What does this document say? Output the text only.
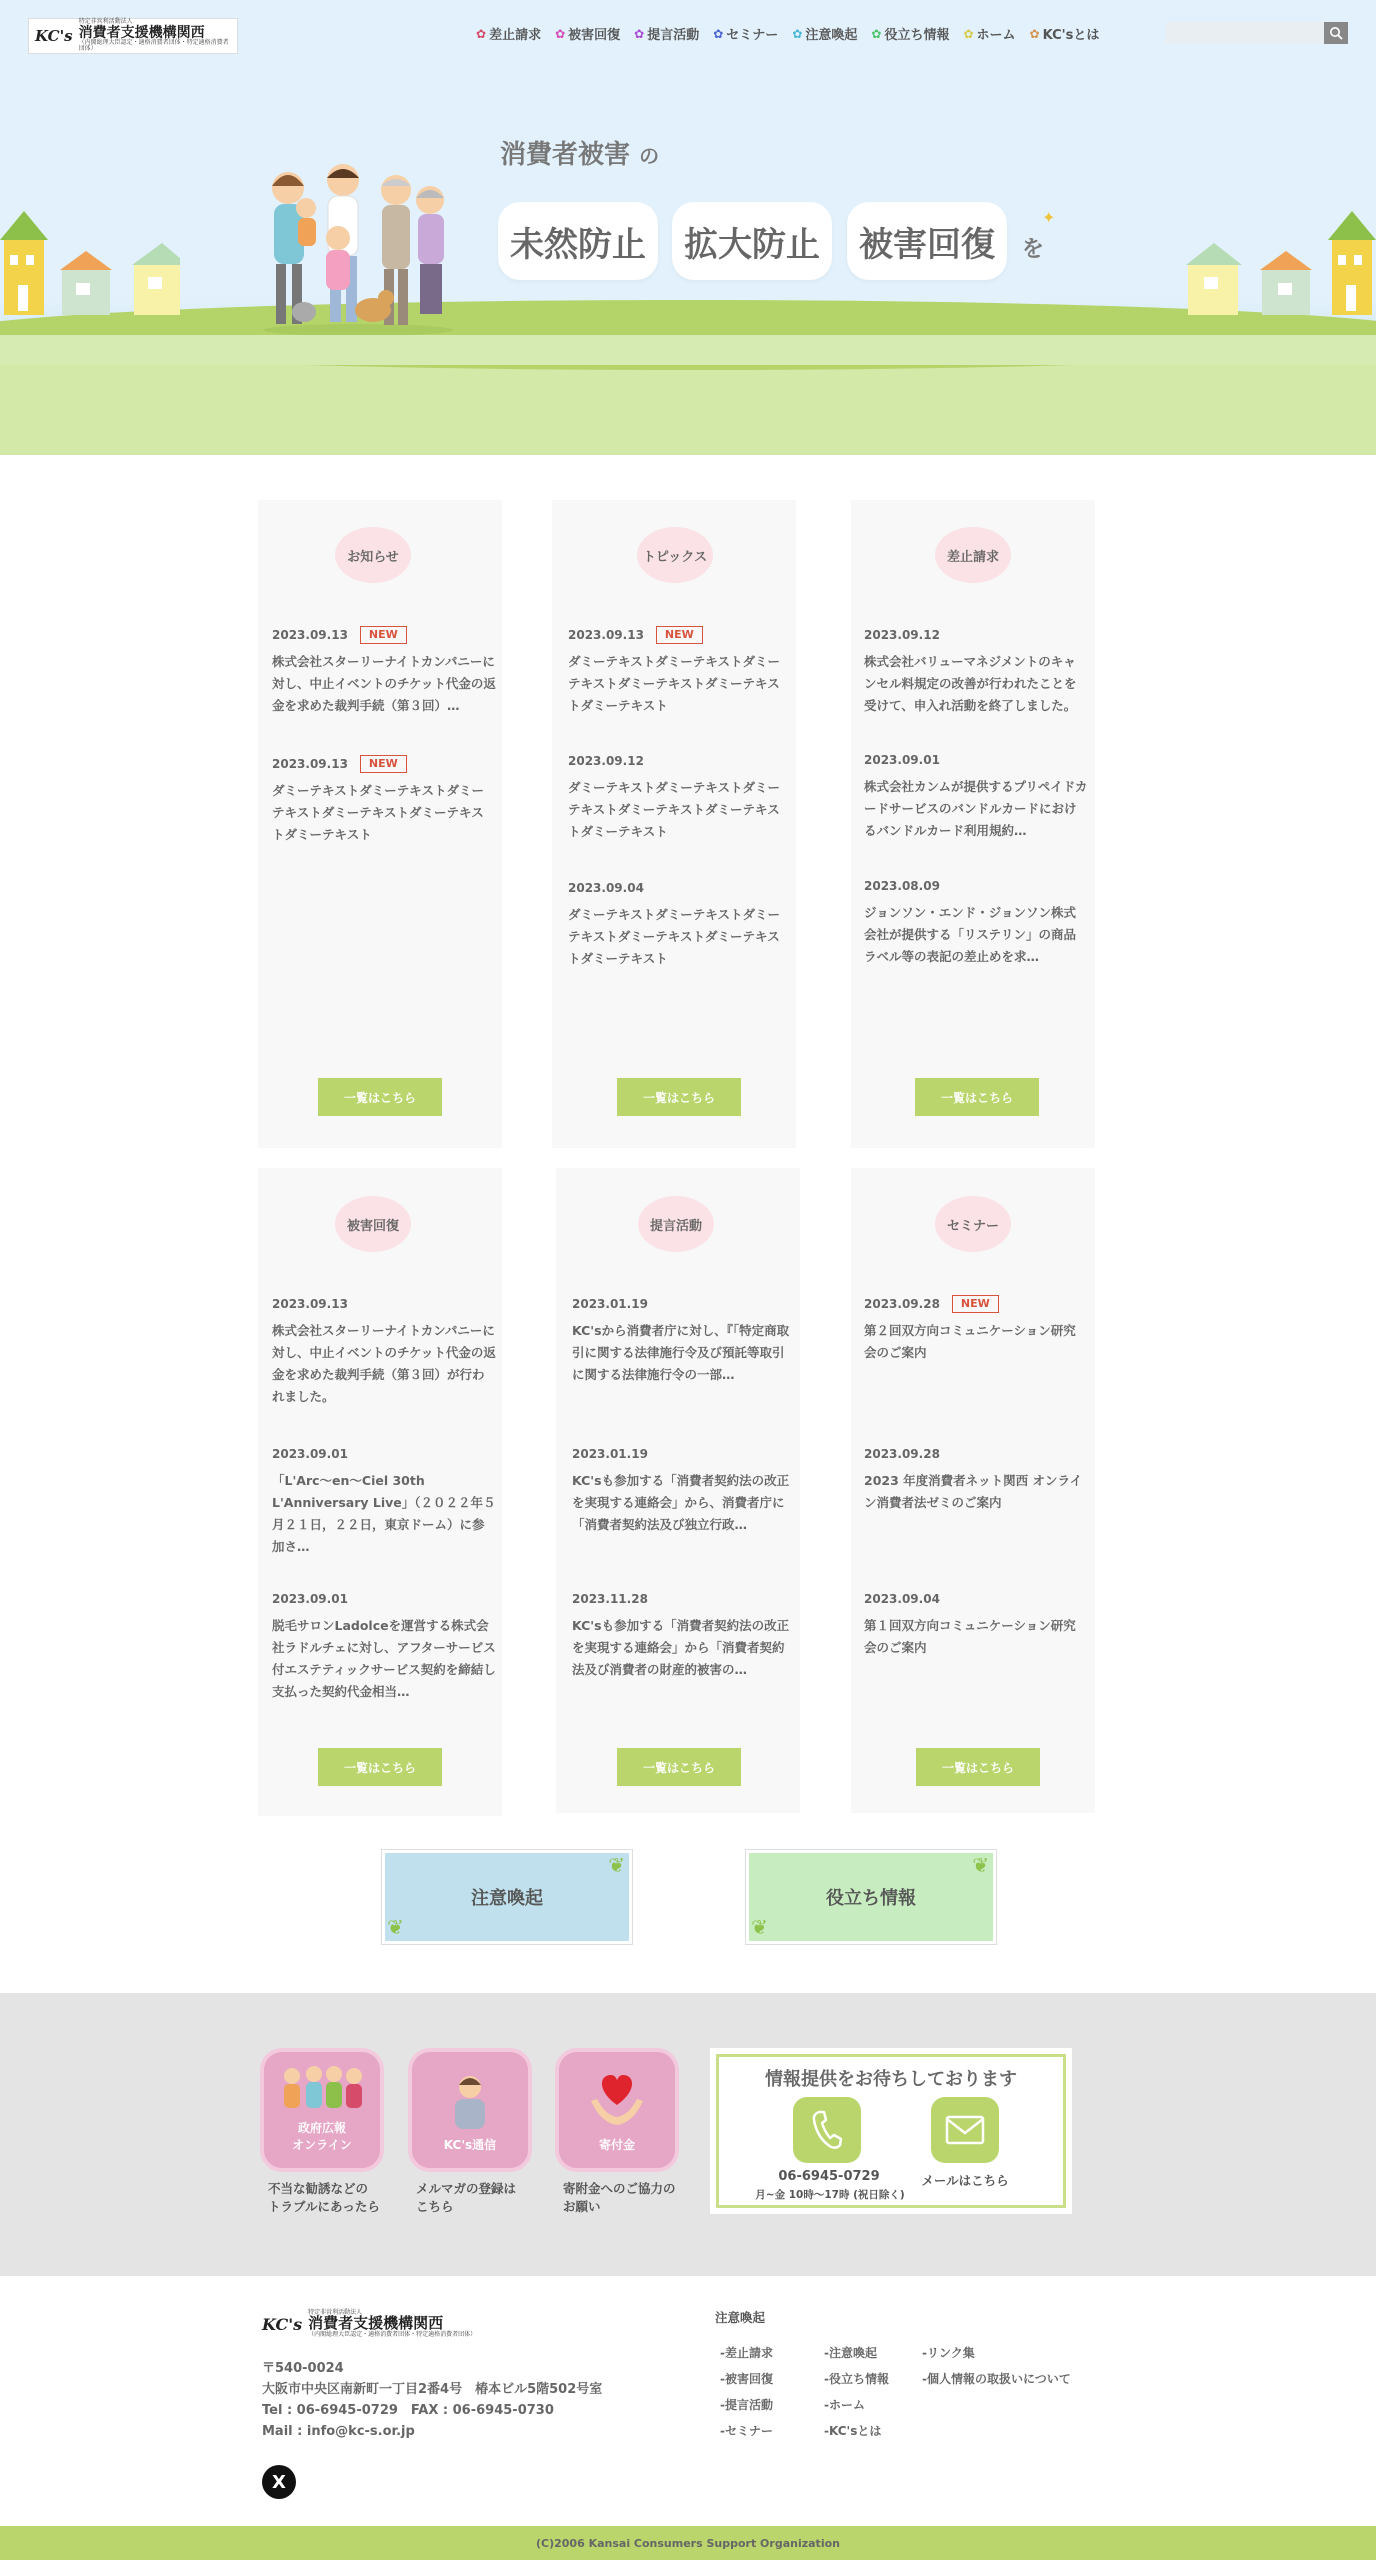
消費者被害 の
未然防止	拡大防止	被害回復	を
✦
KC's
特定非営利活動法人
消費者支援機構関西
（内閣総理大臣認定・適格消費者団体・特定適格消費者団体）
✿ 差止請求 ✿ 被害回復 ✿ 提言活動 ✿ セミナー ✿ 注意喚起 ✿ 役立ち情報 ✿ ホーム ✿ KC'sとは
お知らせ
2023.09.13	NEW
株式会社スターリーナイトカンパニーに対し、中止イベントのチケット代金の返金を求めた裁判手続（第３回）…
2023.09.13	NEW
ダミーテキストダミーテキストダミーテキストダミーテキストダミーテキストダミーテキスト
一覧はこちら
トピックス
2023.09.13	NEW
ダミーテキストダミーテキストダミーテキストダミーテキストダミーテキストダミーテキスト
2023.09.12
ダミーテキストダミーテキストダミーテキストダミーテキストダミーテキストダミーテキスト
2023.09.04
ダミーテキストダミーテキストダミーテキストダミーテキストダミーテキストダミーテキスト
一覧はこちら
差止請求
2023.09.12
株式会社バリューマネジメントのキャンセル料規定の改善が行われたことを受けて、申入れ活動を終了しました。
2023.09.01
株式会社カンムが提供するプリペイドカードサービスのバンドルカードにおけるバンドルカード利用規約…
2023.08.09
ジョンソン・エンド・ジョンソン株式会社が提供する「リステリン」の商品ラベル等の表記の差止めを求…
一覧はこちら
被害回復
2023.09.13
株式会社スターリーナイトカンパニーに対し、中止イベントのチケット代金の返金を求めた裁判手続（第３回）が行われました。
2023.09.01
「L'Arc～en～Ciel 30th L'Anniversary Live」（２０２２年５月２１日，２２日，東京ドーム）に参加さ…
2023.09.01
脱毛サロンLadolceを運営する株式会社ラドルチェに対し、アフターサービス付エステティックサービス契約を締結し支払った契約代金相当…
一覧はこちら
提言活動
2023.01.19
KC'sから消費者庁に対し、『「特定商取引に関する法律施行令及び預託等取引に関する法律施行令の一部…
2023.01.19
KC'sも参加する「消費者契約法の改正を実現する連絡会」から、消費者庁に「消費者契約法及び独立行政…
2023.11.28
KC'sも参加する「消費者契約法の改正を実現する連絡会」から「消費者契約法及び消費者の財産的被害の…
一覧はこちら
セミナー
2023.09.28	NEW
第２回双方向コミュニケーション研究会のご案内
2023.09.28
2023 年度消費者ネット関西 オンライン消費者法ゼミのご案内
2023.09.04
第１回双方向コミュニケーション研究会のご案内
一覧はこちら
❦
❦
注意喚起
❦
❦
役立ち情報
政府広報
オンライン
不当な勧誘などの
トラブルにあったら
KC's通信
メルマガの登録は
こちら
寄付金
寄附金へのご協力の
お願い
情報提供をお待ちしております
06-6945-0729
月~金 10時〜17時 (祝日除く)
メールはこちら
KC's
特定非営利活動法人
消費者支援機構関西
（内閣総理大臣認定・適格消費者団体・特定適格消費者団体）
〒540-0024
大阪市中央区南新町一丁目2番4号　椿本ビル5階502号室
Tel : 06-6945-0729　FAX : 06-6945-0730
Mail : info@kc-s.or.jp
X
注意喚起
-差止請求
-被害回復
-提言活動
-セミナー
-注意喚起
-役立ち情報
-ホーム
-KC'sとは
-リンク集
-個人情報の取扱いについて
(C)2006 Kansai Consumers Support Organization
